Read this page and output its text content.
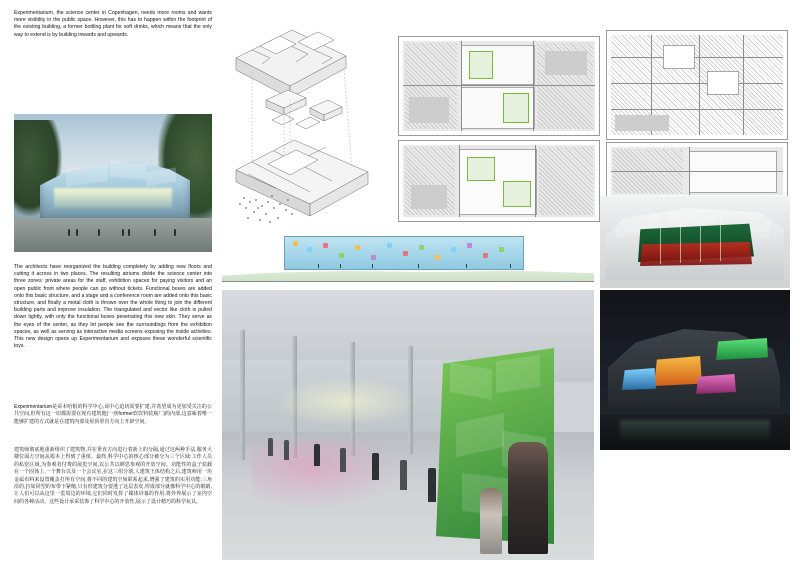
Experimentarium, the science center in Copenhagen, needs more rooms and wants more visibility in the public space. However, this has to happen within the footprint of the existing building, a former bottling plant for soft drinks, which means that the only way to extend is by building inwards and upwards.
The architects have reorganized the building completely by adding new floors and cutting it across in two places. The resulting atriums divide the science center into three zones: private areas for the staff, exhibition spaces for paying visitors and an open public front where people can go without tickets. Functional boxes are added onto this basic structure, and a stage and a conference room are added onto this basic structure, and finally a metal cloth is thrown over the whole thing to join the different building parts and improve insulation. The triangulated and vector like cloth is pulled down tightly, with only the functional boxes penetrating this new skin. They serve as the eyes of the center, as they let people see the surroundings from the exhibition spaces, as well as serving as interactive media screens exposing the inside activities. This new design opens up Experimentarium and exposes these wonderful scientific toys.
Experimentarium是哥本哈根的科学中心,该中心迫切需要扩建,并希望成为更加受关注的公共空间,但所有这一切都需要在现有建筑他(一座former软饮料装瓶厂)的内部,这意味着唯一能够扩建的方式就是在建筑内部及屋顶垂直方向上开辟空间。
建筑师彻底地重新组织了建筑物,并在垂直方向进行着新上的分隔,通过这两种手法,服务大楼位面方空间从根本上得到了重组。最终,科学中心的核心部分被分为三个区域:工作人员的私密区域,为参观者付费的展览空间,以公共以颜思参观的开放空间。功能性的盒子装载在一个固体上,一个舞台以及一个会议室,在这三组分割,人建筑王体结构之后,建筑师用一块金属布料来设置覆盖打所有空间,将不同的建筑空间联系起来,增强了建筑的实用功能;三角沿的,拉如同型的布带下紧缩,只有形建筑分要透了这层表皮,形成部分就像科学中心的眼睛,让人们可以从这里一览周边的环境,它们同时发挥了媒体屏幕的作用,将外界展示了室内空间的各种活动。这些设计承采装饰了科学中心的开放性,展示了设计精巧的科学玩具。
